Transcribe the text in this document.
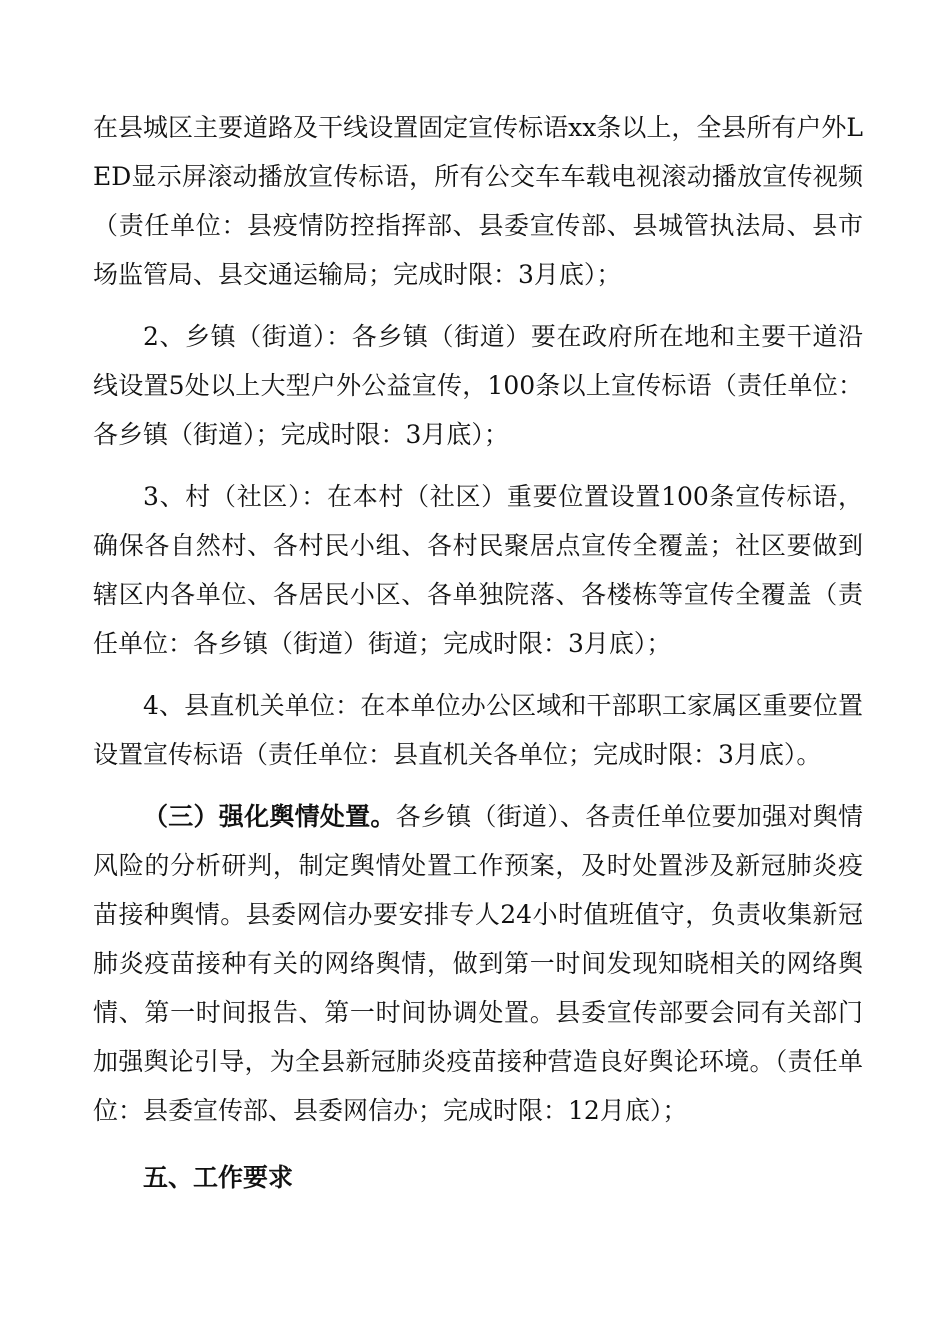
在县城区主要道路及干线设置固定宣传标语xx条以上，全县所有户外LED显示屏滚动播放宣传标语，所有公交车车载电视滚动播放宣传视频（责任单位：县疫情防控指挥部、县委宣传部、县城管执法局、县市场监管局、县交通运输局；完成时限：3月底）；

2、乡镇（街道）：各乡镇（街道）要在政府所在地和主要干道沿线设置5处以上大型户外公益宣传，100条以上宣传标语（责任单位：各乡镇（街道）；完成时限：3月底）；

3、村（社区）：在本村（社区）重要位置设置100条宣传标语，确保各自然村、各村民小组、各村民聚居点宣传全覆盖；社区要做到辖区内各单位、各居民小区、各单独院落、各楼栋等宣传全覆盖（责任单位：各乡镇（街道）街道；完成时限：3月底）；

4、县直机关单位：在本单位办公区域和干部职工家属区重要位置设置宣传标语（责任单位：县直机关各单位；完成时限：3月底）。

（三）强化舆情处置。各乡镇（街道）、各责任单位要加强对舆情风险的分析研判，制定舆情处置工作预案，及时处置涉及新冠肺炎疫苗接种舆情。县委网信办要安排专人24小时值班值守，负责收集新冠肺炎疫苗接种有关的网络舆情，做到第一时间发现知晓相关的网络舆情、第一时间报告、第一时间协调处置。县委宣传部要会同有关部门加强舆论引导，为全县新冠肺炎疫苗接种营造良好舆论环境。（责任单位：县委宣传部、县委网信办；完成时限：12月底）；

五、工作要求
